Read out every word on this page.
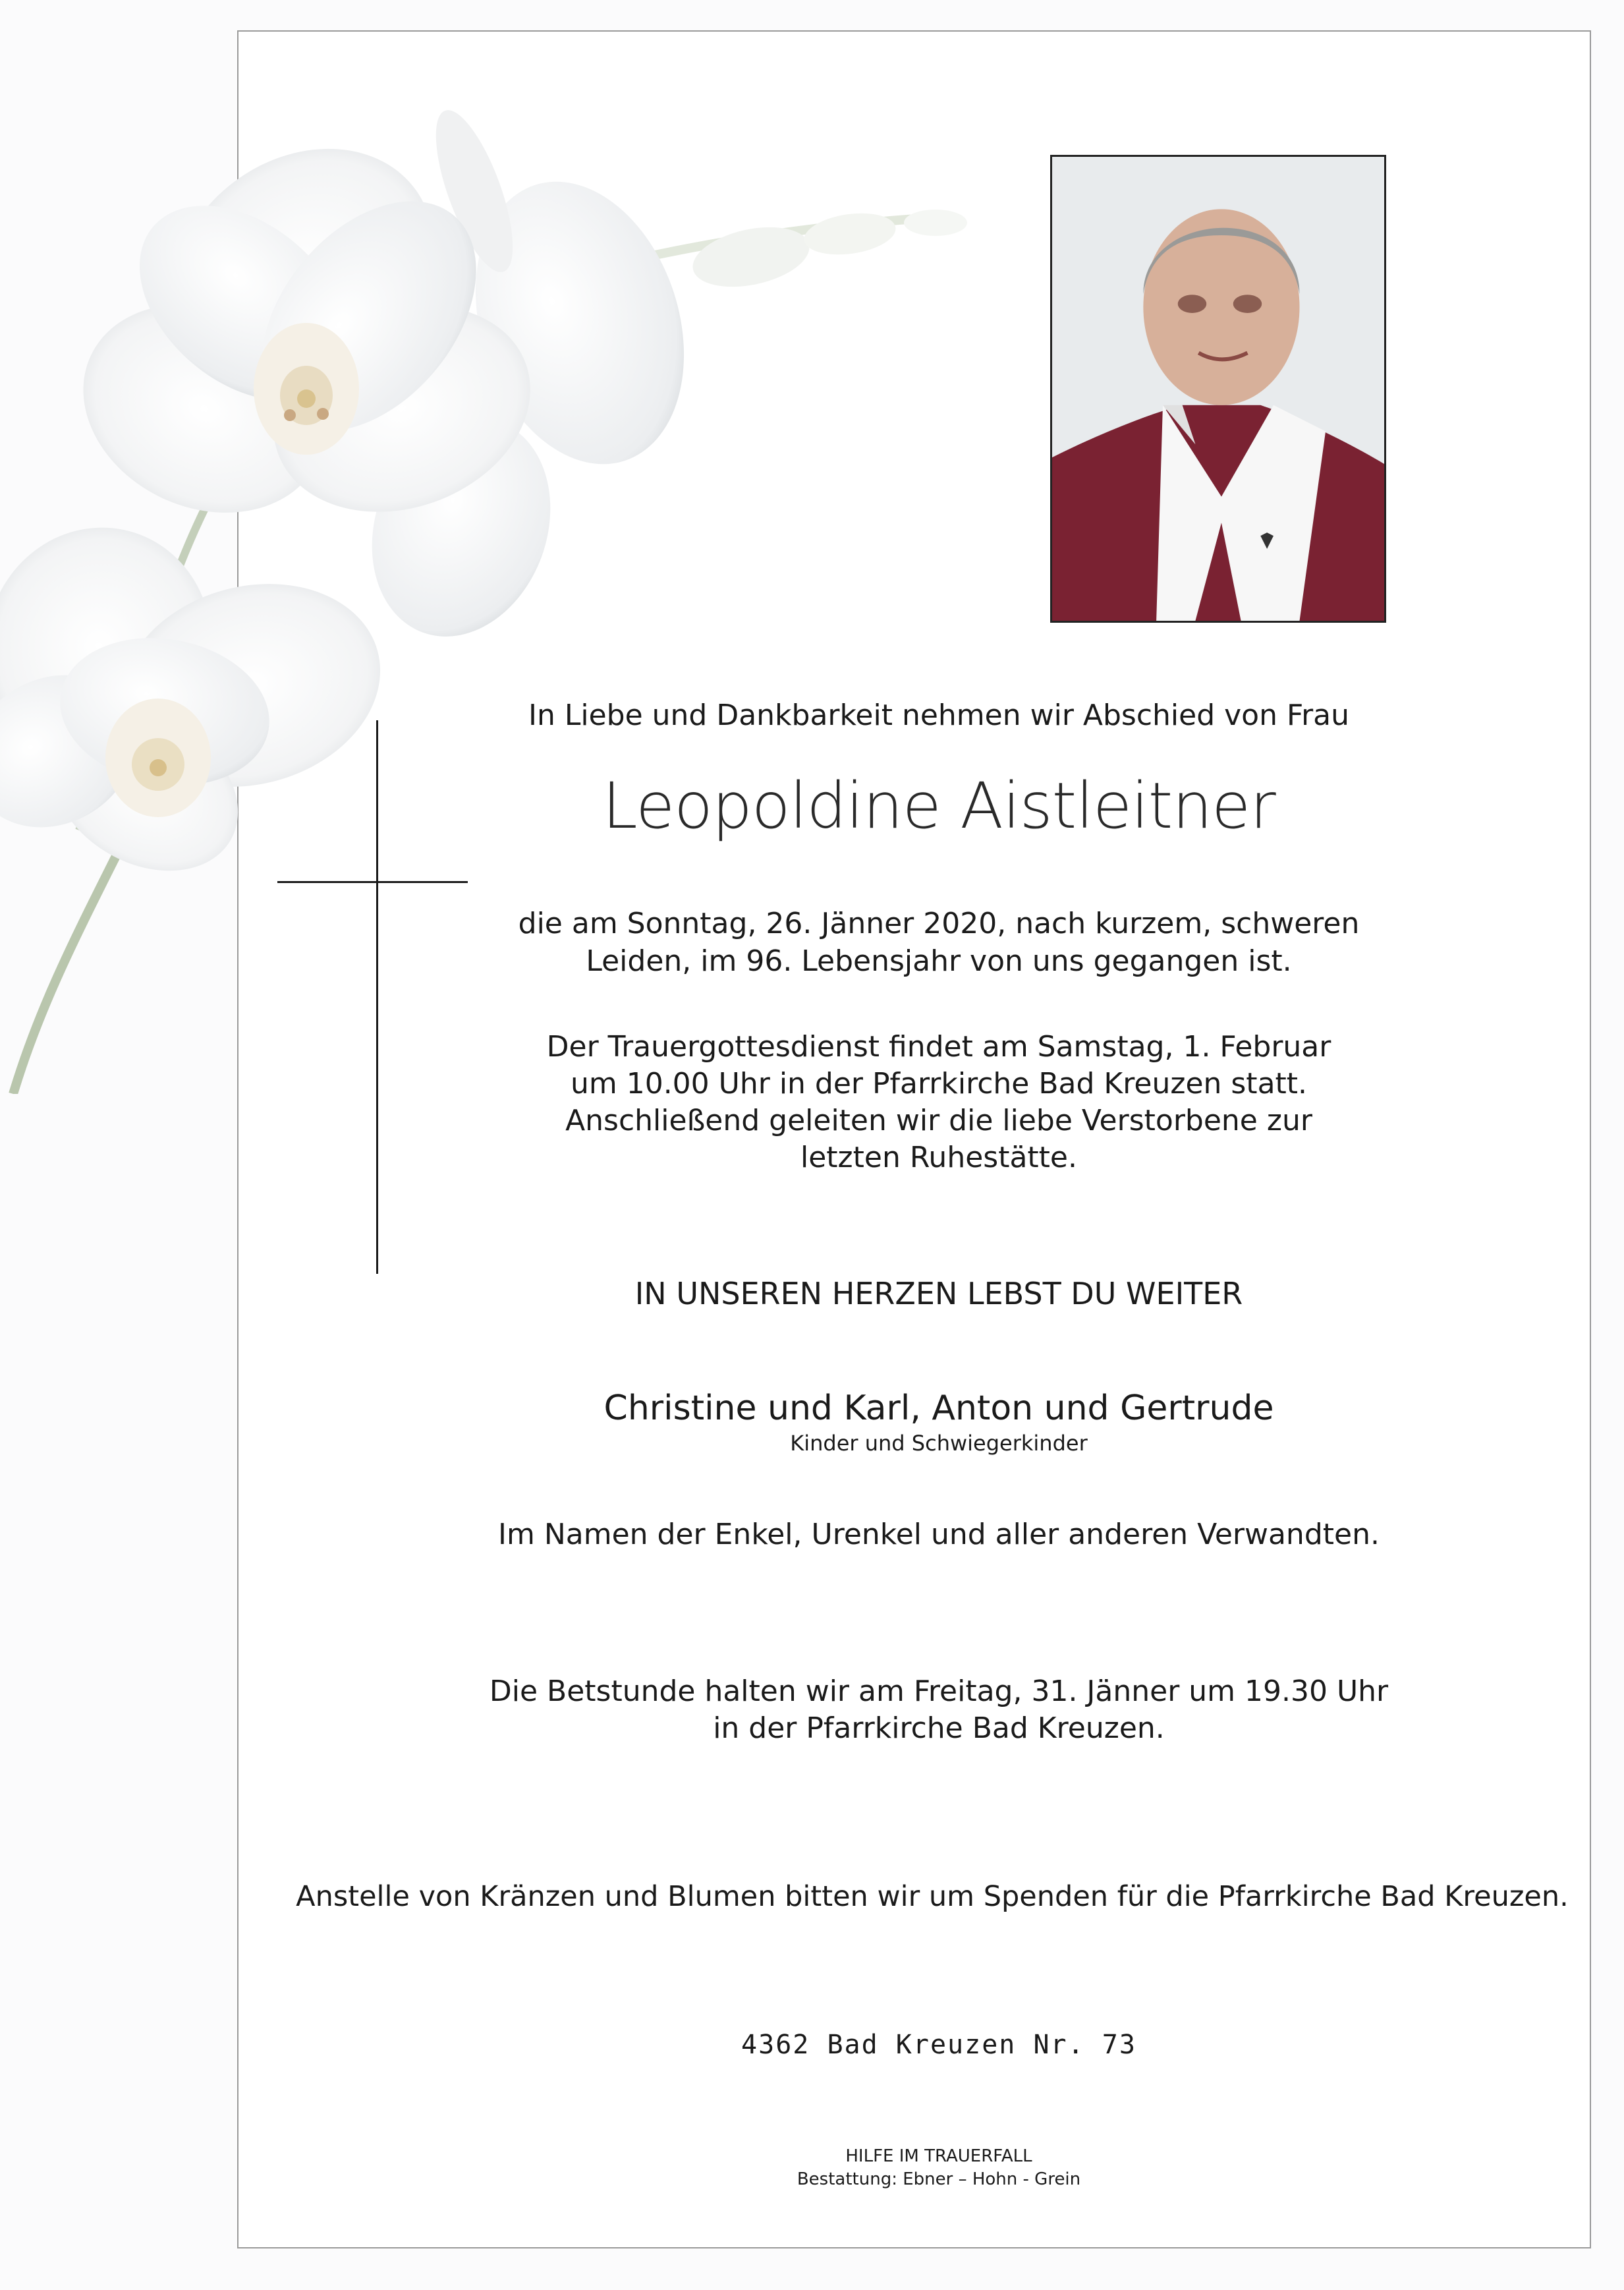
In Liebe und Dankbarkeit nehmen wir Abschied von Frau
Leopoldine Aistleitner
die am Sonntag, 26. Jänner 2020, nach kurzem, schweren
Leiden, im 96. Lebensjahr von uns gegangen ist.
Der Trauergottesdienst findet am Samstag, 1. Februar
um 10.00 Uhr in der Pfarrkirche Bad Kreuzen statt.
Anschließend geleiten wir die liebe Verstorbene zur
letzten Ruhestätte.
IN UNSEREN HERZEN LEBST DU WEITER
Christine und Karl, Anton und Gertrude
Kinder und Schwiegerkinder
Im Namen der Enkel, Urenkel und aller anderen Verwandten.
Die Betstunde halten wir am Freitag, 31. Jänner um 19.30 Uhr
in der Pfarrkirche Bad Kreuzen.
Anstelle von Kränzen und Blumen bitten wir um Spenden für die Pfarrkirche Bad Kreuzen.
4362 Bad Kreuzen Nr. 73
HILFE IM TRAUERFALL
Bestattung: Ebner – Hohn - Grein
